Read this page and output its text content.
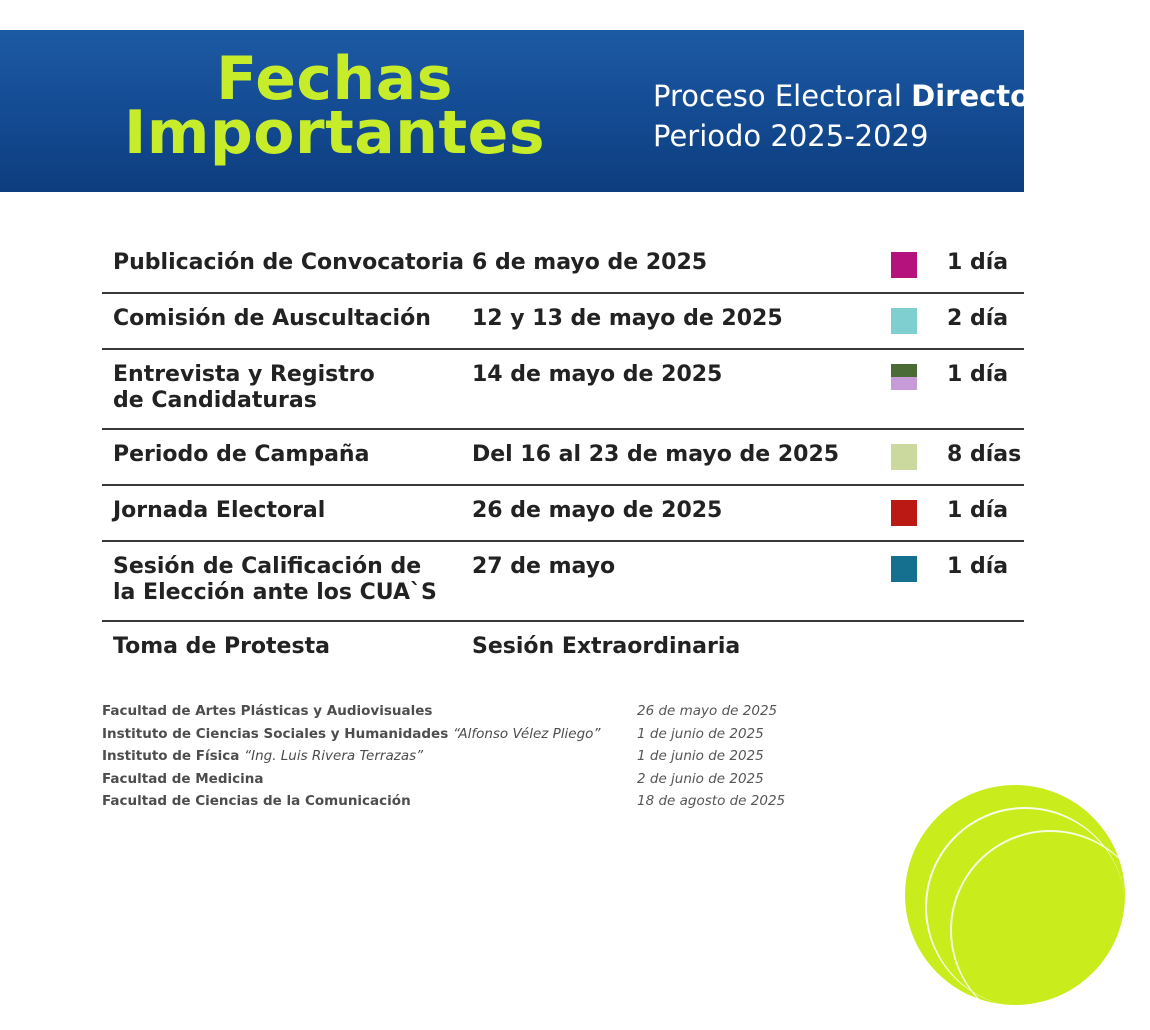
Fechas
Importantes
Proceso Electoral Director
Periodo 2025-2029
Publicación de Convocatoria 6 de mayo de 2025	1 día
Comisión de Auscultación 12 y 13 de mayo de 2025	2 día
Entrevista y Registro
de Candidaturas
14 de mayo de 2025	1 día
Periodo de Campaña	Del 16 al 23 de mayo de 2025	8 días
Jornada Electoral	26 de mayo de 2025	1 día
Sesión de Calificación de
la Elección ante los CUA`S
27 de mayo	1 día
Toma de Protesta	Sesión Extraordinaria
Facultad de Artes Plásticas y Audiovisuales	26 de mayo de 2025
Instituto de Ciencias Sociales y Humanidades “Alfonso Vélez Pliego”	1 de junio de 2025
Instituto de Física “Ing. Luis Rivera Terrazas”	1 de junio de 2025
Facultad de Medicina	2 de junio de 2025
Facultad de Ciencias de la Comunicación	18 de agosto de 2025
